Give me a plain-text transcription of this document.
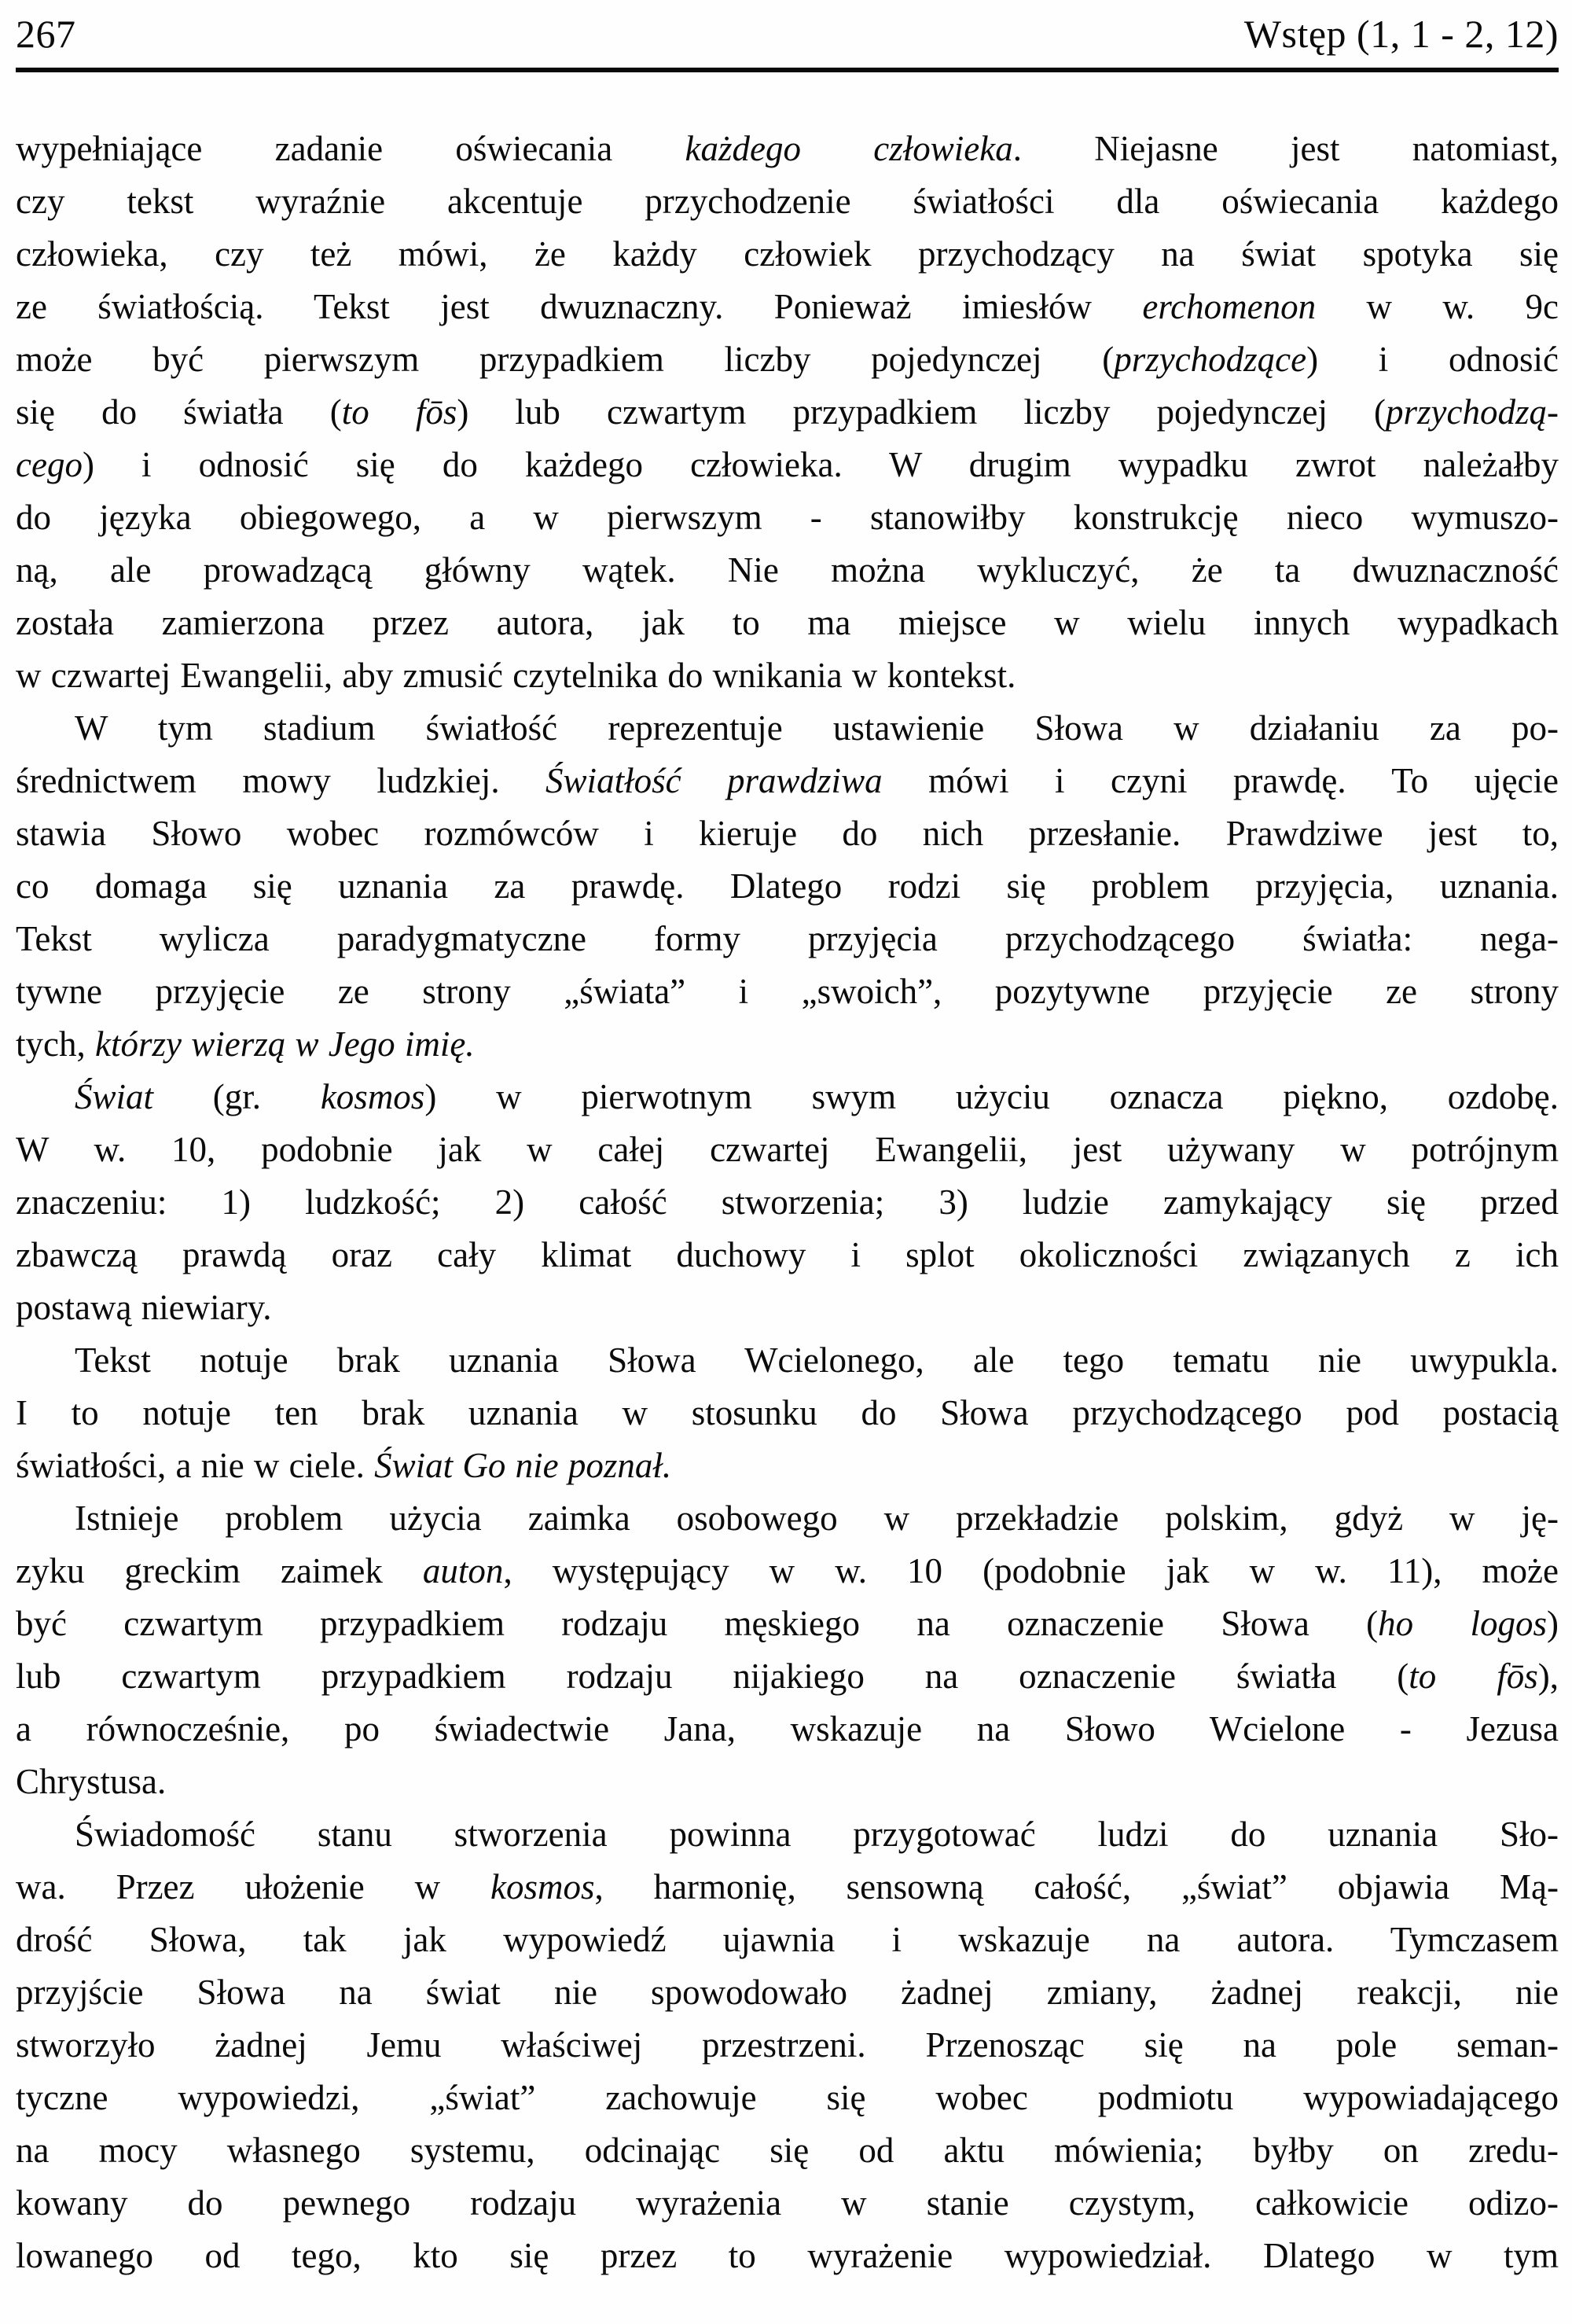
267	Wstęp (1, 1 - 2, 12)
wypełniające zadanie oświecania każdego człowieka. Niejasne jest natomiast,
czy tekst wyraźnie akcentuje przychodzenie światłości dla oświecania każdego
człowieka, czy też mówi, że każdy człowiek przychodzący na świat spotyka się
ze światłością. Tekst jest dwuznaczny. Ponieważ imiesłów erchomenon w w. 9c
może być pierwszym przypadkiem liczby pojedynczej (przychodzące) i odnosić
się do światła (to fōs) lub czwartym przypadkiem liczby pojedynczej (przychodzą-
cego) i odnosić się do każdego człowieka. W drugim wypadku zwrot należałby
do języka obiegowego, a w pierwszym - stanowiłby konstrukcję nieco wymuszo-
ną, ale prowadzącą główny wątek. Nie można wykluczyć, że ta dwuznaczność
została zamierzona przez autora, jak to ma miejsce w wielu innych wypadkach
w czwartej Ewangelii, aby zmusić czytelnika do wnikania w kontekst.
W tym stadium światłość reprezentuje ustawienie Słowa w działaniu za po-
średnictwem mowy ludzkiej. Światłość prawdziwa mówi i czyni prawdę. To ujęcie
stawia Słowo wobec rozmówców i kieruje do nich przesłanie. Prawdziwe jest to,
co domaga się uznania za prawdę. Dlatego rodzi się problem przyjęcia, uznania.
Tekst wylicza paradygmatyczne formy przyjęcia przychodzącego światła: nega-
tywne przyjęcie ze strony „świata” i „swoich”, pozytywne przyjęcie ze strony
tych, którzy wierzą w Jego imię.
Świat (gr. kosmos) w pierwotnym swym użyciu oznacza piękno, ozdobę.
W w. 10, podobnie jak w całej czwartej Ewangelii, jest używany w potrójnym
znaczeniu: 1) ludzkość; 2) całość stworzenia; 3) ludzie zamykający się przed
zbawczą prawdą oraz cały klimat duchowy i splot okoliczności związanych z ich
postawą niewiary.
Tekst notuje brak uznania Słowa Wcielonego, ale tego tematu nie uwypukla.
I to notuje ten brak uznania w stosunku do Słowa przychodzącego pod postacią
światłości, a nie w ciele. Świat Go nie poznał.
Istnieje problem użycia zaimka osobowego w przekładzie polskim, gdyż w ję-
zyku greckim zaimek auton, występujący w w. 10 (podobnie jak w w. 11), może
być czwartym przypadkiem rodzaju męskiego na oznaczenie Słowa (ho logos)
lub czwartym przypadkiem rodzaju nijakiego na oznaczenie światła (to fōs),
a równocześnie, po świadectwie Jana, wskazuje na Słowo Wcielone - Jezusa
Chrystusa.
Świadomość stanu stworzenia powinna przygotować ludzi do uznania Sło-
wa. Przez ułożenie w kosmos, harmonię, sensowną całość, „świat” objawia Mą-
drość Słowa, tak jak wypowiedź ujawnia i wskazuje na autora. Tymczasem
przyjście Słowa na świat nie spowodowało żadnej zmiany, żadnej reakcji, nie
stworzyło żadnej Jemu właściwej przestrzeni. Przenosząc się na pole seman-
tyczne wypowiedzi, „świat” zachowuje się wobec podmiotu wypowiadającego
na mocy własnego systemu, odcinając się od aktu mówienia; byłby on zredu-
kowany do pewnego rodzaju wyrażenia w stanie czystym, całkowicie odizo-
lowanego od tego, kto się przez to wyrażenie wypowiedział. Dlatego w tym
